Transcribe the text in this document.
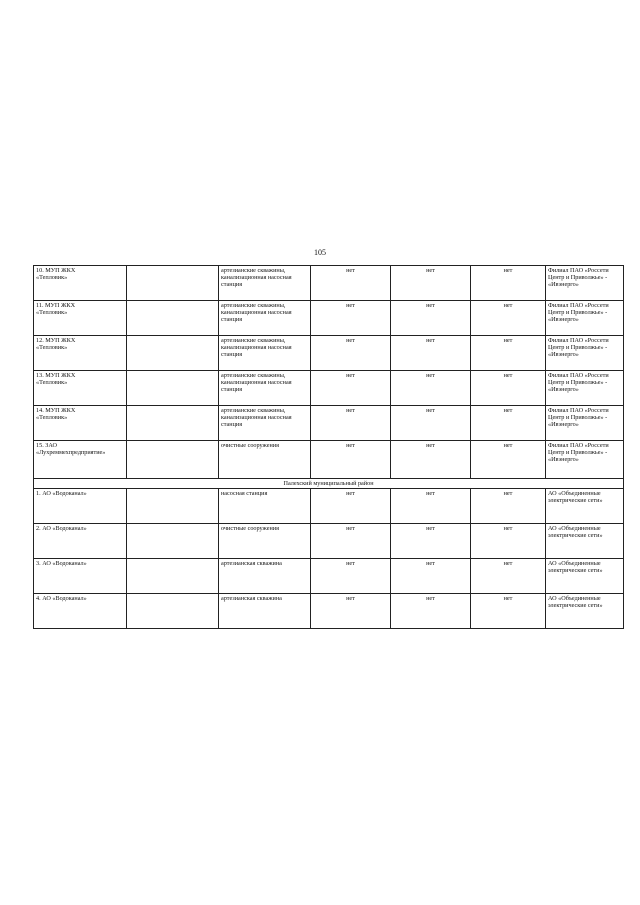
105
10. МУП ЖКХ
«Тепловик»		артезианские скважины, канализационная насосная станция	нет	нет	нет	Филиал ПАО «Россети Центр и Приволжье» - «Ивэнерго»
11. МУП ЖКХ
«Тепловик»		артезианские скважины, канализационная насосная станция	нет	нет	нет	Филиал ПАО «Россети Центр и Приволжье» - «Ивэнерго»
12. МУП ЖКХ
«Тепловик»		артезианские скважины, канализационная насосная станция	нет	нет	нет	Филиал ПАО «Россети Центр и Приволжье» - «Ивэнерго»
13. МУП ЖКХ
«Тепловик»		артезианские скважины, канализационная насосная станция	нет	нет	нет	Филиал ПАО «Россети Центр и Приволжье» - «Ивэнерго»
14. МУП ЖКХ
«Тепловик»		артезианские скважины, канализационная насосная станция	нет	нет	нет	Филиал ПАО «Россети Центр и Приволжье» - «Ивэнерго»
15. ЗАО «Лухреммехпредприятие»		очистные сооружения	нет	нет	нет	Филиал ПАО «Россети Центр и Приволжье» - «Ивэнерго»
Палехский муниципальный район						
1. АО «Водоканал»		насосная станция	нет	нет	нет	АО «Объединенные электрические сети»
2. АО «Водоканал»		очистные сооружения	нет	нет	нет	АО «Объединенные электрические сети»
3. АО «Водоканал»		артезианская скважина	нет	нет	нет	АО «Объединенные электрические сети»
4. АО «Водоканал»		артезианская скважина	нет	нет	нет	АО «Объединенные электрические сети»
